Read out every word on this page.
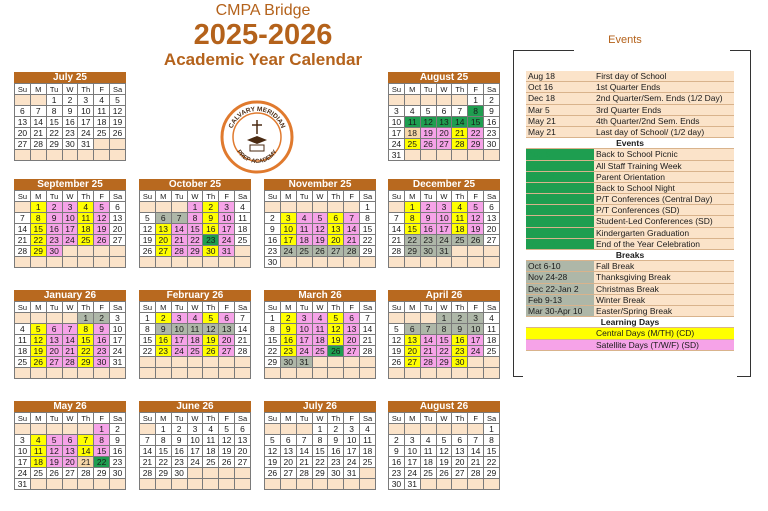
CMPA Bridge
2025-2026
Academic Year Calendar
CALVARY MERIDIAN
PREP ACADEMY
July 25
Su	M	Tu	W	Th	F	Sa
		1	2	3	4	5
6	7	8	9	10	11	12
13	14	15	16	17	18	19
20	21	22	23	24	25	26
27	28	29	30	31		

August 25
Su	M	Tu	W	Th	F	Sa
					1	2
3	4	5	6	7	8	9
10	11	12	13	14	15	16
17	18	19	20	21	22	23
24	25	26	27	28	29	30
31						
September 25
Su	M	Tu	W	Th	F	Sa
	1	2	3	4	5	6
7	8	9	10	11	12	13
14	15	16	17	18	19	20
21	22	23	24	25	26	27
28	29	30				

October 25
Su	M	Tu	W	Th	F	Sa
			1	2	3	4
5	6	7	8	9	10	11
12	13	14	15	16	17	18
19	20	21	22	23	24	25
26	27	28	29	30	31	

November 25
Su	M	Tu	W	Th	F	Sa
						1
2	3	4	5	6	7	8
9	10	11	12	13	14	15
16	17	18	19	20	21	22
23	24	25	26	27	28	29
30						
December 25
Su	M	Tu	W	Th	F	Sa
	1	2	3	4	5	6
7	8	9	10	11	12	13
14	15	16	17	18	19	20
21	22	23	24	25	26	27
28	29	30	31			

January 26
Su	M	Tu	W	Th	F	Sa
				1	2	3
4	5	6	7	8	9	10
11	12	13	14	15	16	17
18	19	20	21	22	23	24
25	26	27	28	29	30	31

February 26
Su	M	Tu	W	Th	F	Sa
1	2	3	4	5	6	7
8	9	10	11	12	13	14
15	16	17	18	19	20	21
22	23	24	25	26	27	28

March 26
Su	M	Tu	W	Th	F	Sa
1	2	3	4	5	6	7
8	9	10	11	12	13	14
15	16	17	18	19	20	21
22	23	24	25	26	27	28
29	30	31				

April 26
Su	M	Tu	W	Th	F	Sa
			1	2	3	4
5	6	7	8	9	10	11
12	13	14	15	16	17	18
19	20	21	22	23	24	25
26	27	28	29	30		

May 26
Su	M	Tu	W	Th	F	Sa
					1	2
3	4	5	6	7	8	9
10	11	12	13	14	15	16
17	18	19	20	21	22	23
24	25	26	27	28	29	30
31						
June 26
Su	M	Tu	W	Th	F	Sa
	1	2	3	4	5	6
7	8	9	10	11	12	13
14	15	16	17	18	19	20
21	22	23	24	25	26	27
28	29	30				

July 26
Su	M	Tu	W	Th	F	Sa
			1	2	3	4
5	6	7	8	9	10	11
12	13	14	15	16	17	18
19	20	21	22	23	24	25
26	27	28	29	30	31	

August 26
Su	M	Tu	W	Th	F	Sa
						1
2	3	4	5	6	7	8
9	10	11	12	13	14	15
16	17	18	19	20	21	22
23	24	25	26	27	28	29
30	31					
Events
Aug 18	First day of School
Oct 16	1st Quarter Ends
Dec 18	2nd Quarter/Sem. Ends (1/2 Day)
Mar 5	3rd Quarter Ends
May 21	4th Quarter/2nd Sem. Ends
May 21	Last day of School/ (1/2 day)
Events
Aug 8	Back to School Picnic
Aug 11-15	All Staff Training Week
Aug 14	Parent Orientation
Aug 15	Back to School Night
Oct 23	P/T Conferences (Central Day)
Oct 24	P/T Conferences (SD)
Mar 26	Student-Led Conferences (SD)
May 22	Kindergarten Graduation
May 22	End of the Year Celebration
Breaks
Oct 6-10	Fall Break
Nov 24-28	Thanksgiving Break
Dec 22-Jan 2	Christmas Break
Feb 9-13	Winter Break
Mar 30-Apr 10	Easter/Spring Break
Learning Days
Central Days (M/TH) (CD)
Satellite Days (T/W/F) (SD)
